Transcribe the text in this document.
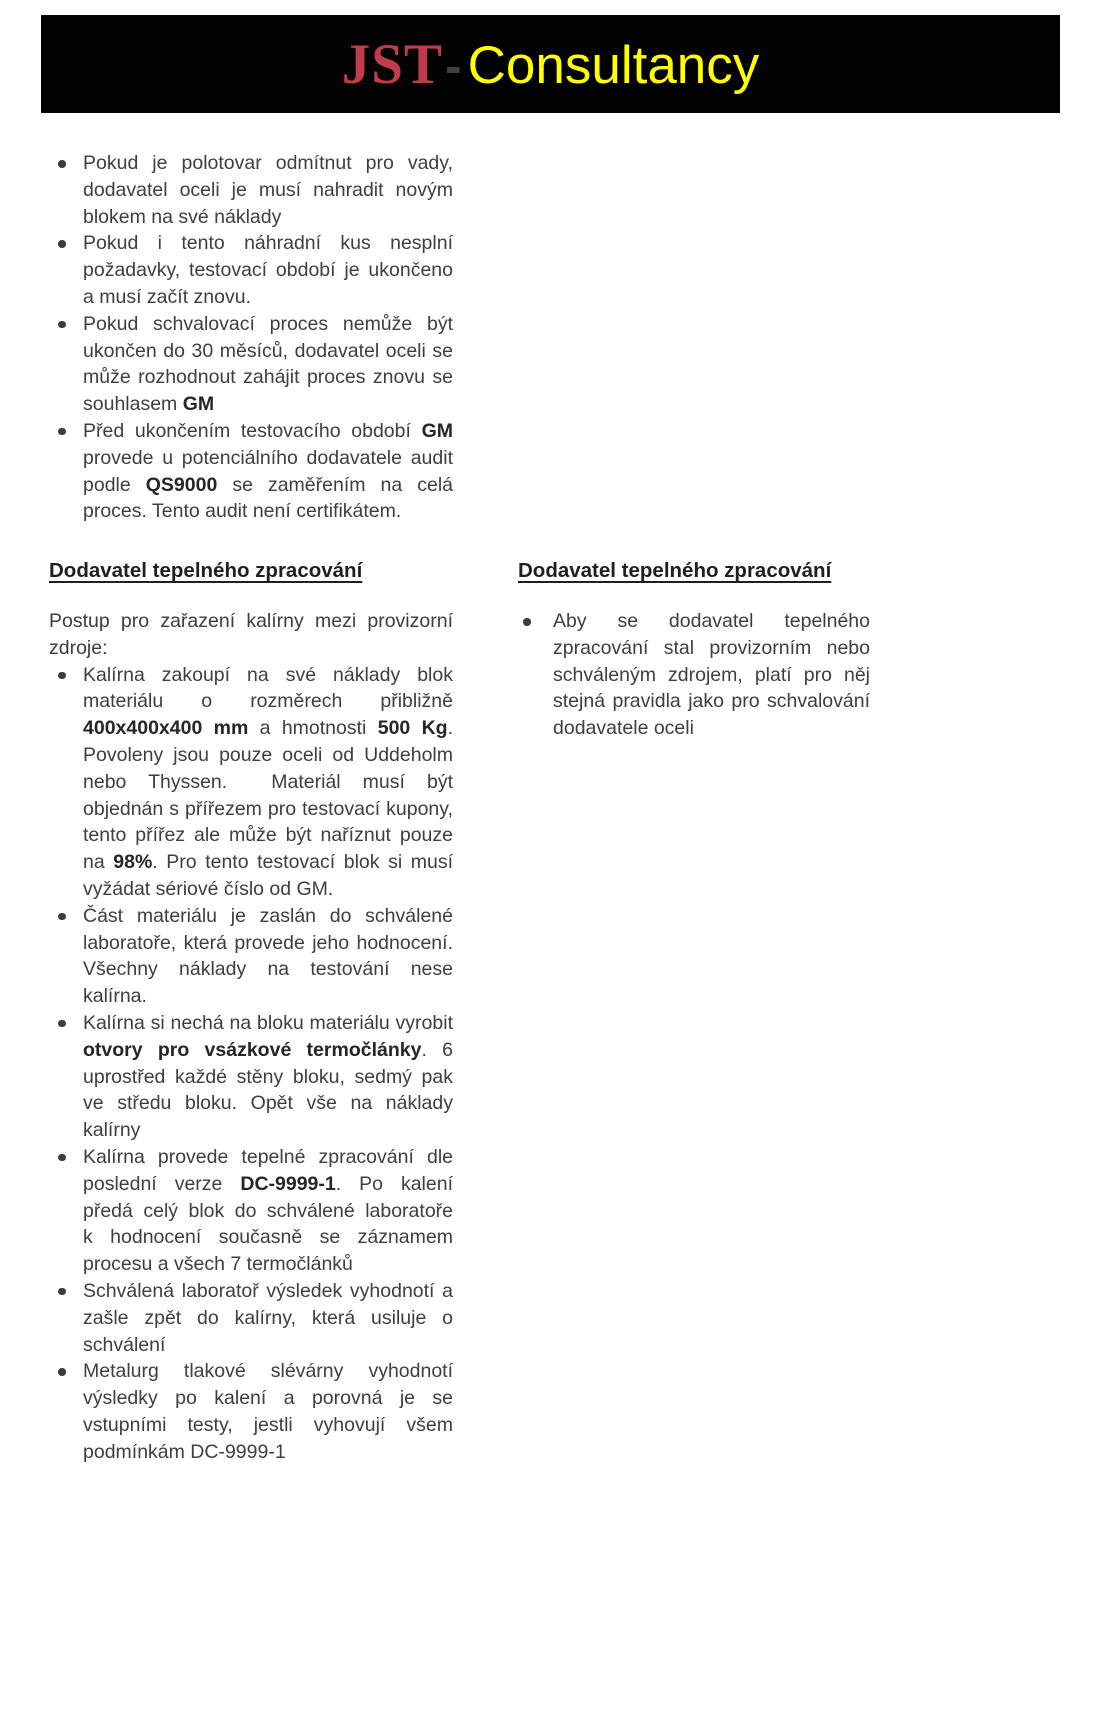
JST - Consultancy
Pokud je polotovar odmítnut pro vady, dodavatel oceli je musí nahradit novým blokem na své náklady
Pokud i tento náhradní kus nesplní požadavky, testovací období je ukončeno a musí začít znovu.
Pokud schvalovací proces nemůže být ukončen do 30 měsíců, dodavatel oceli se může rozhodnout zahájit proces znovu se souhlasem GM
Před ukončením testovacího období GM provede u potenciálního dodavatele audit podle QS9000 se zaměřením na celá proces. Tento audit není certifikátem.
Dodavatel tepelného zpracování

Postup pro zařazení kalírny mezi provizorní zdroje:

Kalírna zakoupí na své náklady blok materiálu o rozměrech přibližně 400x400x400 mm a hmotnosti 500 Kg. Povoleny jsou pouze oceli od Uddeholm nebo Thyssen.  Materiál musí být objednán s přířezem pro testovací kupony, tento přířez ale může být naříznut pouze na 98%. Pro tento testovací blok si musí vyžádat sériové číslo od GM.
Část materiálu je zaslán do schválené laboratoře, která provede jeho hodnocení. Všechny náklady na testování nese kalírna.
Kalírna si nechá na bloku materiálu vyrobit otvory pro vsázkové termočlánky. 6 uprostřed každé stěny bloku, sedmý pak ve středu bloku. Opět vše na náklady kalírny
Kalírna provede tepelné zpracování dle poslední verze DC-9999-1. Po kalení předá celý blok do schválené laboratoře k hodnocení současně se záznamem procesu a všech 7 termočlánků
Schválená laboratoř výsledek vyhodnotí a zašle zpět do kalírny, která usiluje o schválení
Metalurg tlakové slévárny vyhodnotí výsledky po kalení a porovná je se vstupními testy, jestli vyhovují všem podmínkám DC-9999-1
Dodavatel tepelného zpracování
Aby se dodavatel tepelného zpracování stal provizorním nebo schváleným zdrojem, platí pro něj stejná pravidla jako pro schvalování dodavatele oceli
